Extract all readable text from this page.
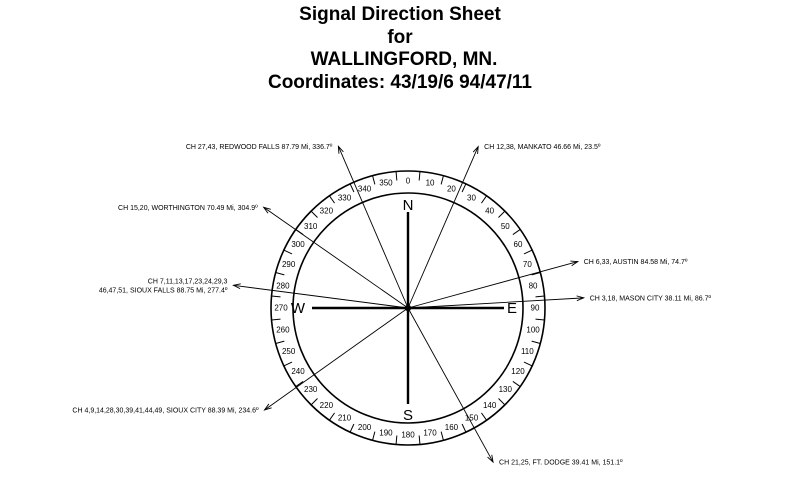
Signal Direction Sheet
for
WALLINGFORD, MN.
Coordinates: 43/19/6 94/47/11
0 10
20
30
40
50
60
70
80
90
100
110
120
130
140
150
160
170
180
190
200
210
220
230
240
250
260
270
280
290
300
310
320
330
340
350
N
E
S
W
CH 27,43, REDWOOD FALLS 87.79 Mi, 336.7º	CH 12,38, MANKATO 46.66 Mi, 23.5º
CH 15,20, WORTHINGTON 70.49 Mi, 304.9º
CH 6,33, AUSTIN 84.58 Mi, 74.7º
CH 3,18, MASON CITY 38.11 Mi, 86.7º
CH 7,11,13,17,23,24,29,3 46,47,51, SIOUX FALLS 88.75 Mi, 277.4º
CH 4,9,14,28,30,39,41,44,49, SIOUX CITY 88.39 Mi, 234.6º
CH 21,25, FT. DODGE 39.41 Mi, 151.1º
